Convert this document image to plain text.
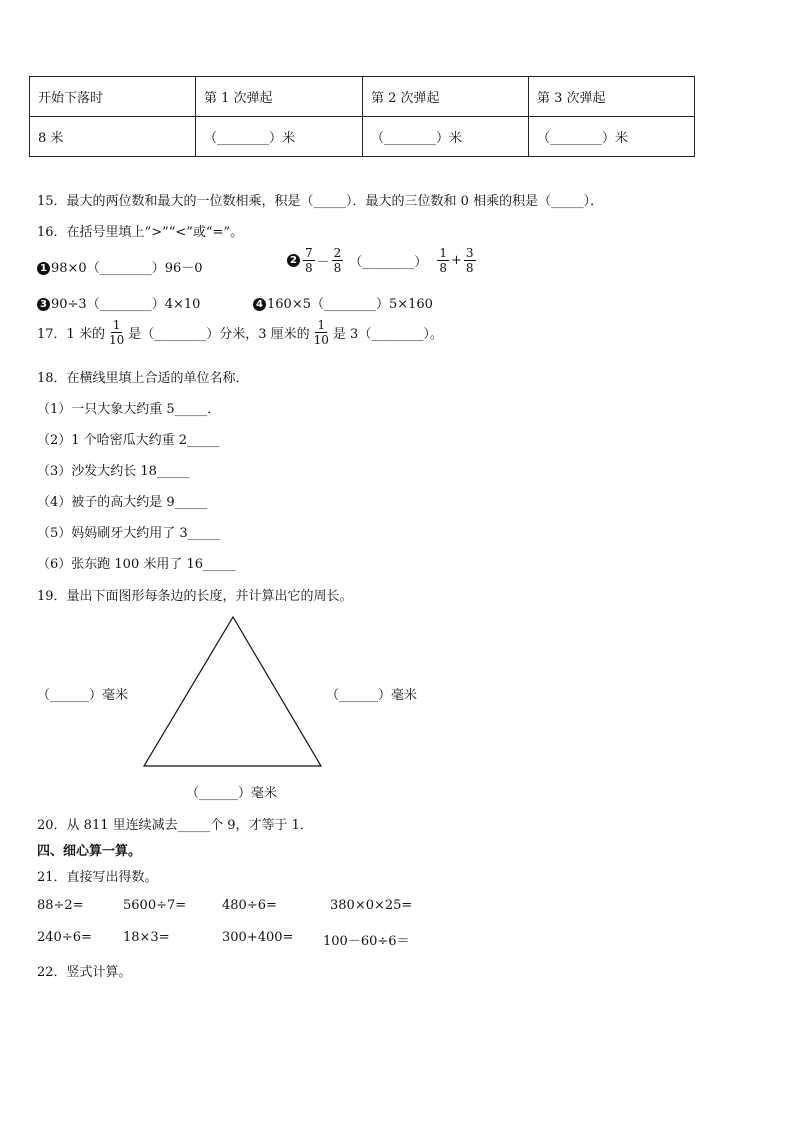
开始下落时	第 1 次弹起	第 2 次弹起	第 3 次弹起
8 米	（________）米	（________）米	（________）米
15．最大的两位数和最大的一位数相乘，积是（_____）．最大的三位数和 0 相乘的积是（_____）．
16．在括号里填上“>”“<”或“=”。
1 98×0（________）96－0
$2 \frac{7}{8} - \frac{2}{8}$ （________） $\frac{1}{8} + \frac{3}{8}$
3 90÷3（________）4×10	4 160×5（________）5×160
17．1 米的 $\frac{1}{10}$ 是（________）分米，3 厘米的 $\frac{1}{10}$ 是 3（________）。
18．在横线里填上合适的单位名称．
（1）一只大象大约重 5_____．
（2）1 个哈密瓜大约重 2_____
（3）沙发大约长 18_____
（4）被子的高大约是 9_____
（5）妈妈刷牙大约用了 3_____
（6）张东跑 100 米用了 16_____
19．量出下面图形每条边的长度，并计算出它的周长。
（______）毫米	（______）毫米
（______）毫米
20．从 811 里连续减去_____个 9，才等于 1．
四、细心算一算。
21．直接写出得数。
88÷2=	5600÷7=	480÷6=	380×0×25=
240÷6= 18×3=	300+400= 100－60÷6＝
22．竖式计算。
